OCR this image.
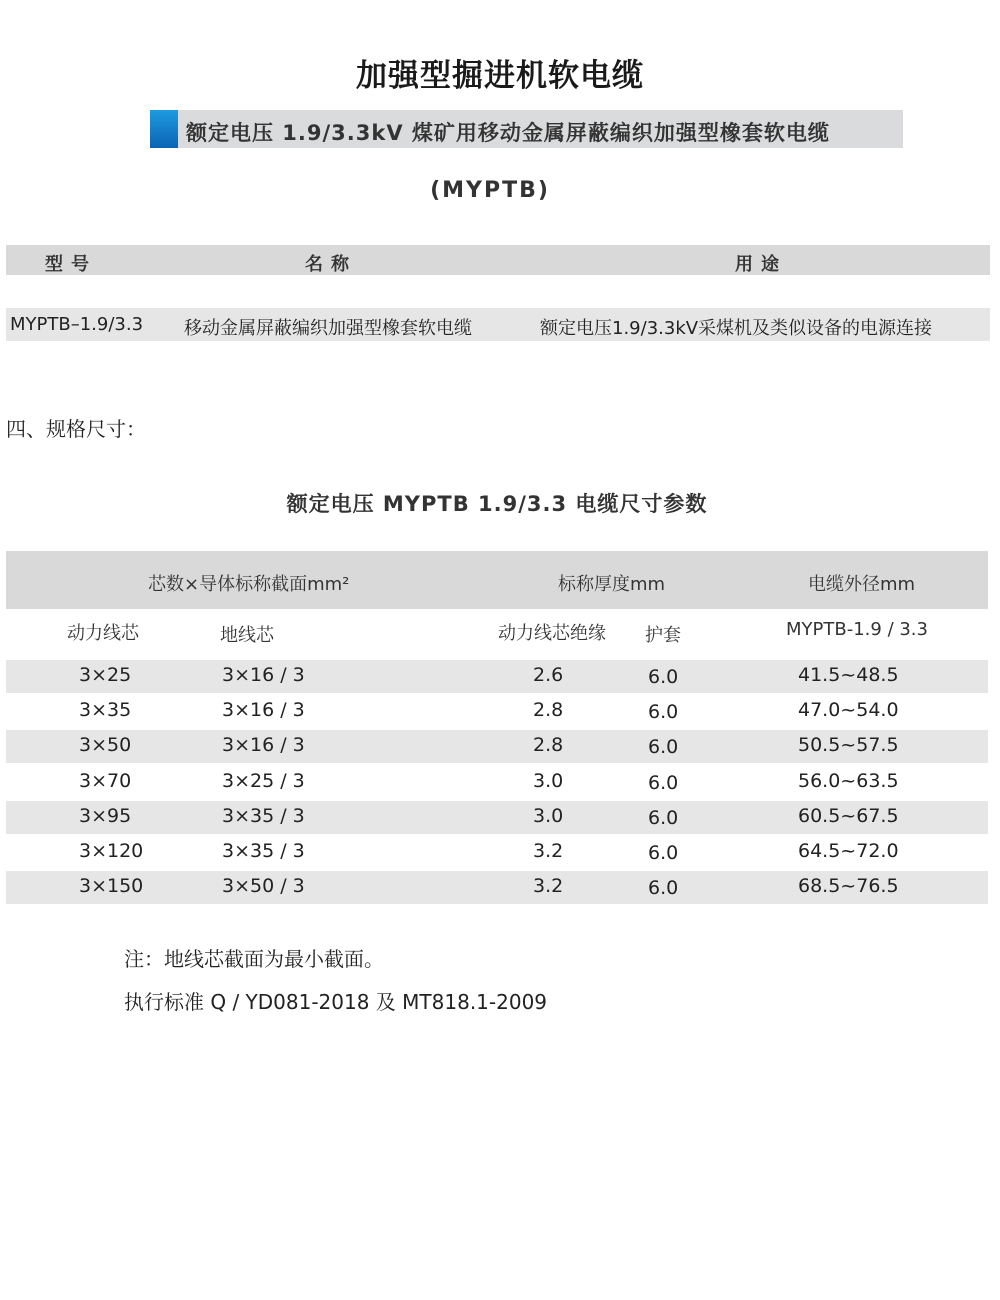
加强型掘进机软电缆
额定电压 1.9/3.3kV 煤矿用移动金属屏蔽编织加强型橡套软电缆
(MYPTB)
型号	名称	用途
MYPTB–1.9/3.3 移动金属屏蔽编织加强型橡套软电缆	额定电压1.9/3.3kV采煤机及类似设备的电源连接
四、规格尺寸：
额定电压 MYPTB 1.9/3.3 电缆尺寸参数
芯数×导体标称截面mm²	标称厚度mm	电缆外径mm
动力线芯	地线芯	动力线芯绝缘 护套	MYPTB-1.9 / 3.3
3×25	3×16 / 3	2.6	6.0	41.5~48.5
3×35	3×16 / 3	2.8	6.0	47.0~54.0
3×50	3×16 / 3	2.8	6.0	50.5~57.5
3×70	3×25 / 3	3.0	6.0	56.0~63.5
3×95	3×35 / 3	3.0	6.0	60.5~67.5
3×120	3×35 / 3	3.2	6.0	64.5~72.0
3×150	3×50 / 3	3.2	6.0	68.5~76.5
注：地线芯截面为最小截面。
执行标准 Q / YD081-2018 及 MT818.1-2009
